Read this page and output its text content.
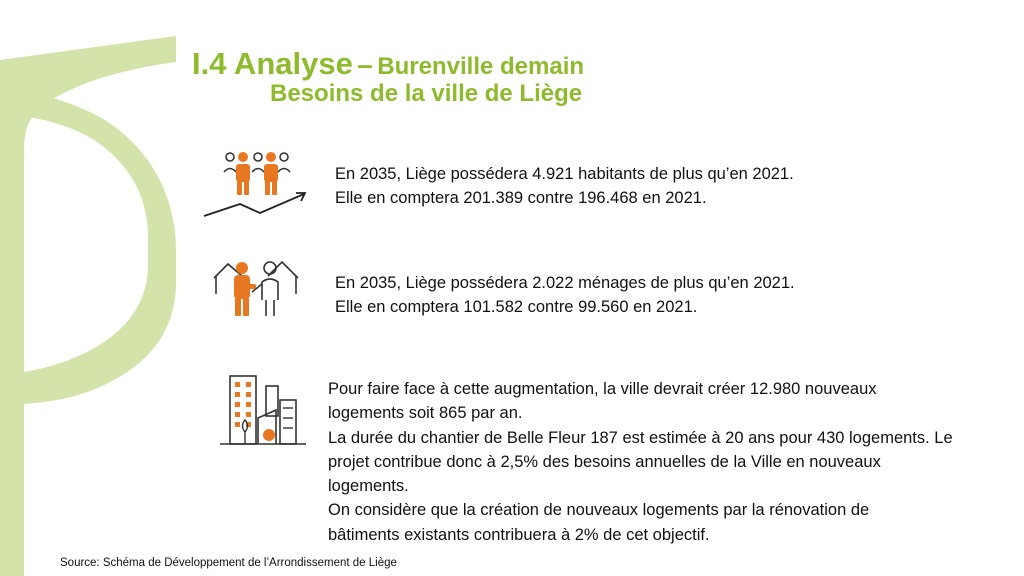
I.4 Analyse – Burenville demain
Besoins de la ville de Liège

En 2035, Liège possédera 4.921 habitants de plus qu’en 2021.

Elle en comptera 201.389 contre 196.468 en 2021.

En 2035, Liège possédera 2.022 ménages de plus qu’en 2021.

Elle en comptera 101.582 contre 99.560 en 2021.

Pour faire face à cette augmentation, la ville devrait créer 12.980 nouveaux logements soit 865 par an.

La durée du chantier de Belle Fleur 187 est estimée à 20 ans pour 430 logements. Le projet contribue donc à 2,5% des besoins annuelles de la Ville en nouveaux logements.

On considère que la création de nouveaux logements par la rénovation de bâtiments existants contribuera à 2% de cet objectif.

Source: Schéma de Développement de l’Arrondissement de Liège
